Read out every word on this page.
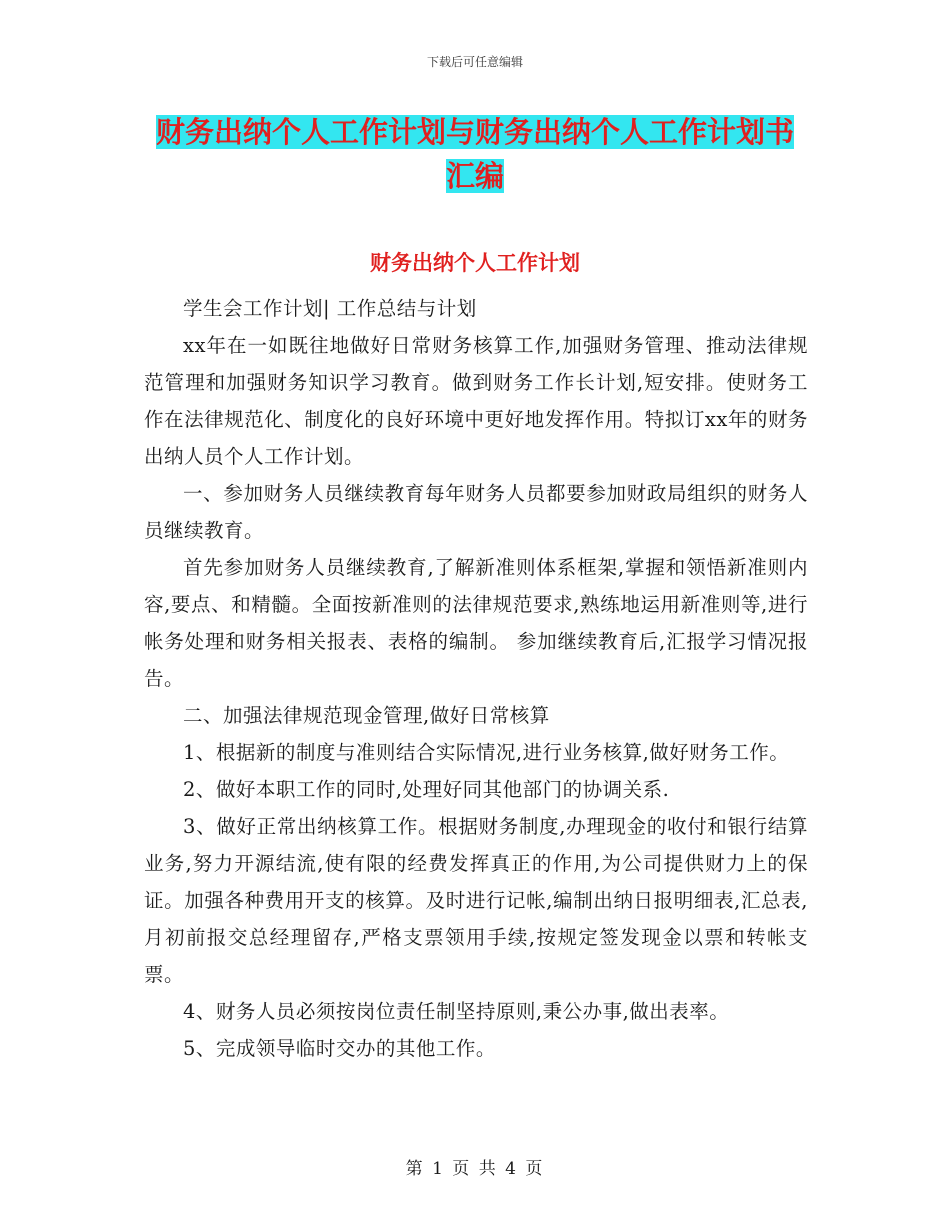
下载后可任意编辑
财务出纳个人工作计划与财务出纳个人工作计划书汇编
财务出纳个人工作计划

学生会工作计划| 工作总结与计划

xx年在一如既往地做好日常财务核算工作,加强财务管理、推动法律规范管理和加强财务知识学习教育。做到财务工作长计划,短安排。使财务工作在法律规范化、制度化的良好环境中更好地发挥作用。特拟订xx年的财务出纳人员个人工作计划。

一、参加财务人员继续教育每年财务人员都要参加财政局组织的财务人员继续教育。

首先参加财务人员继续教育,了解新准则体系框架,掌握和领悟新准则内容,要点、和精髓。全面按新准则的法律规范要求,熟练地运用新准则等,进行帐务处理和财务相关报表、表格的编制。 参加继续教育后,汇报学习情况报告。

二、加强法律规范现金管理,做好日常核算

1、根据新的制度与准则结合实际情况,进行业务核算,做好财务工作。

2、做好本职工作的同时,处理好同其他部门的协调关系.

3、做好正常出纳核算工作。根据财务制度,办理现金的收付和银行结算业务,努力开源结流,使有限的经费发挥真正的作用,为公司提供财力上的保证。加强各种费用开支的核算。及时进行记帐,编制出纳日报明细表,汇总表,月初前报交总经理留存,严格支票领用手续,按规定签发现金以票和转帐支票。

4、财务人员必须按岗位责任制坚持原则,秉公办事,做出表率。

5、完成领导临时交办的其他工作。

第 1 页 共 4 页
